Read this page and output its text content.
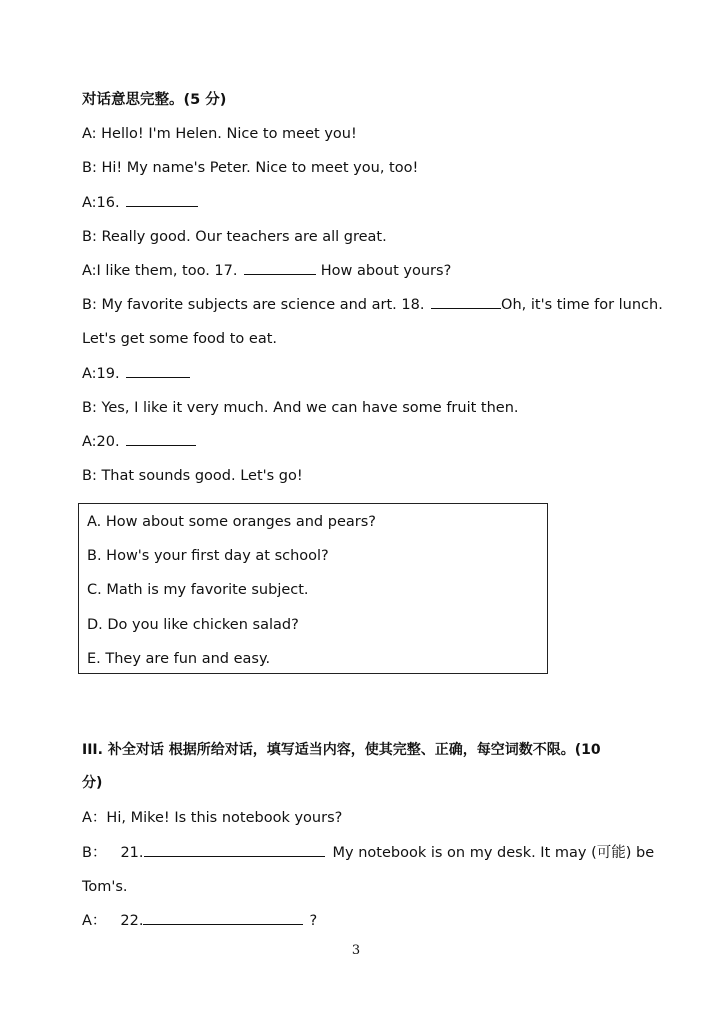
对话意思完整。(5 分)
A: Hello! I'm Helen. Nice to meet you!
B: Hi! My name's Peter. Nice to meet you, too!
A:16.
B: Really good. Our teachers are all great.
A:I like them, too. 17.	How about yours?
B: My favorite subjects are science and art. 18.	Oh, it's time for lunch.
Let's get some food to eat.
A:19.
B: Yes, I like it very much. And we can have some fruit then.
A:20.
B: That sounds good. Let's go!
A. How about some oranges and pears?
B. How's your first day at school?
C. Math is my favorite subject.
D. Do you like chicken salad?
E. They are fun and easy.
III. 补全对话 根据所给对话，填写适当内容，使其完整、正确，每空词数不限。(10
分)
A：Hi, Mike! Is this notebook yours?
B： 21.	My notebook is on my desk. It may (可能) be
Tom's.
A： 22.	?
3
